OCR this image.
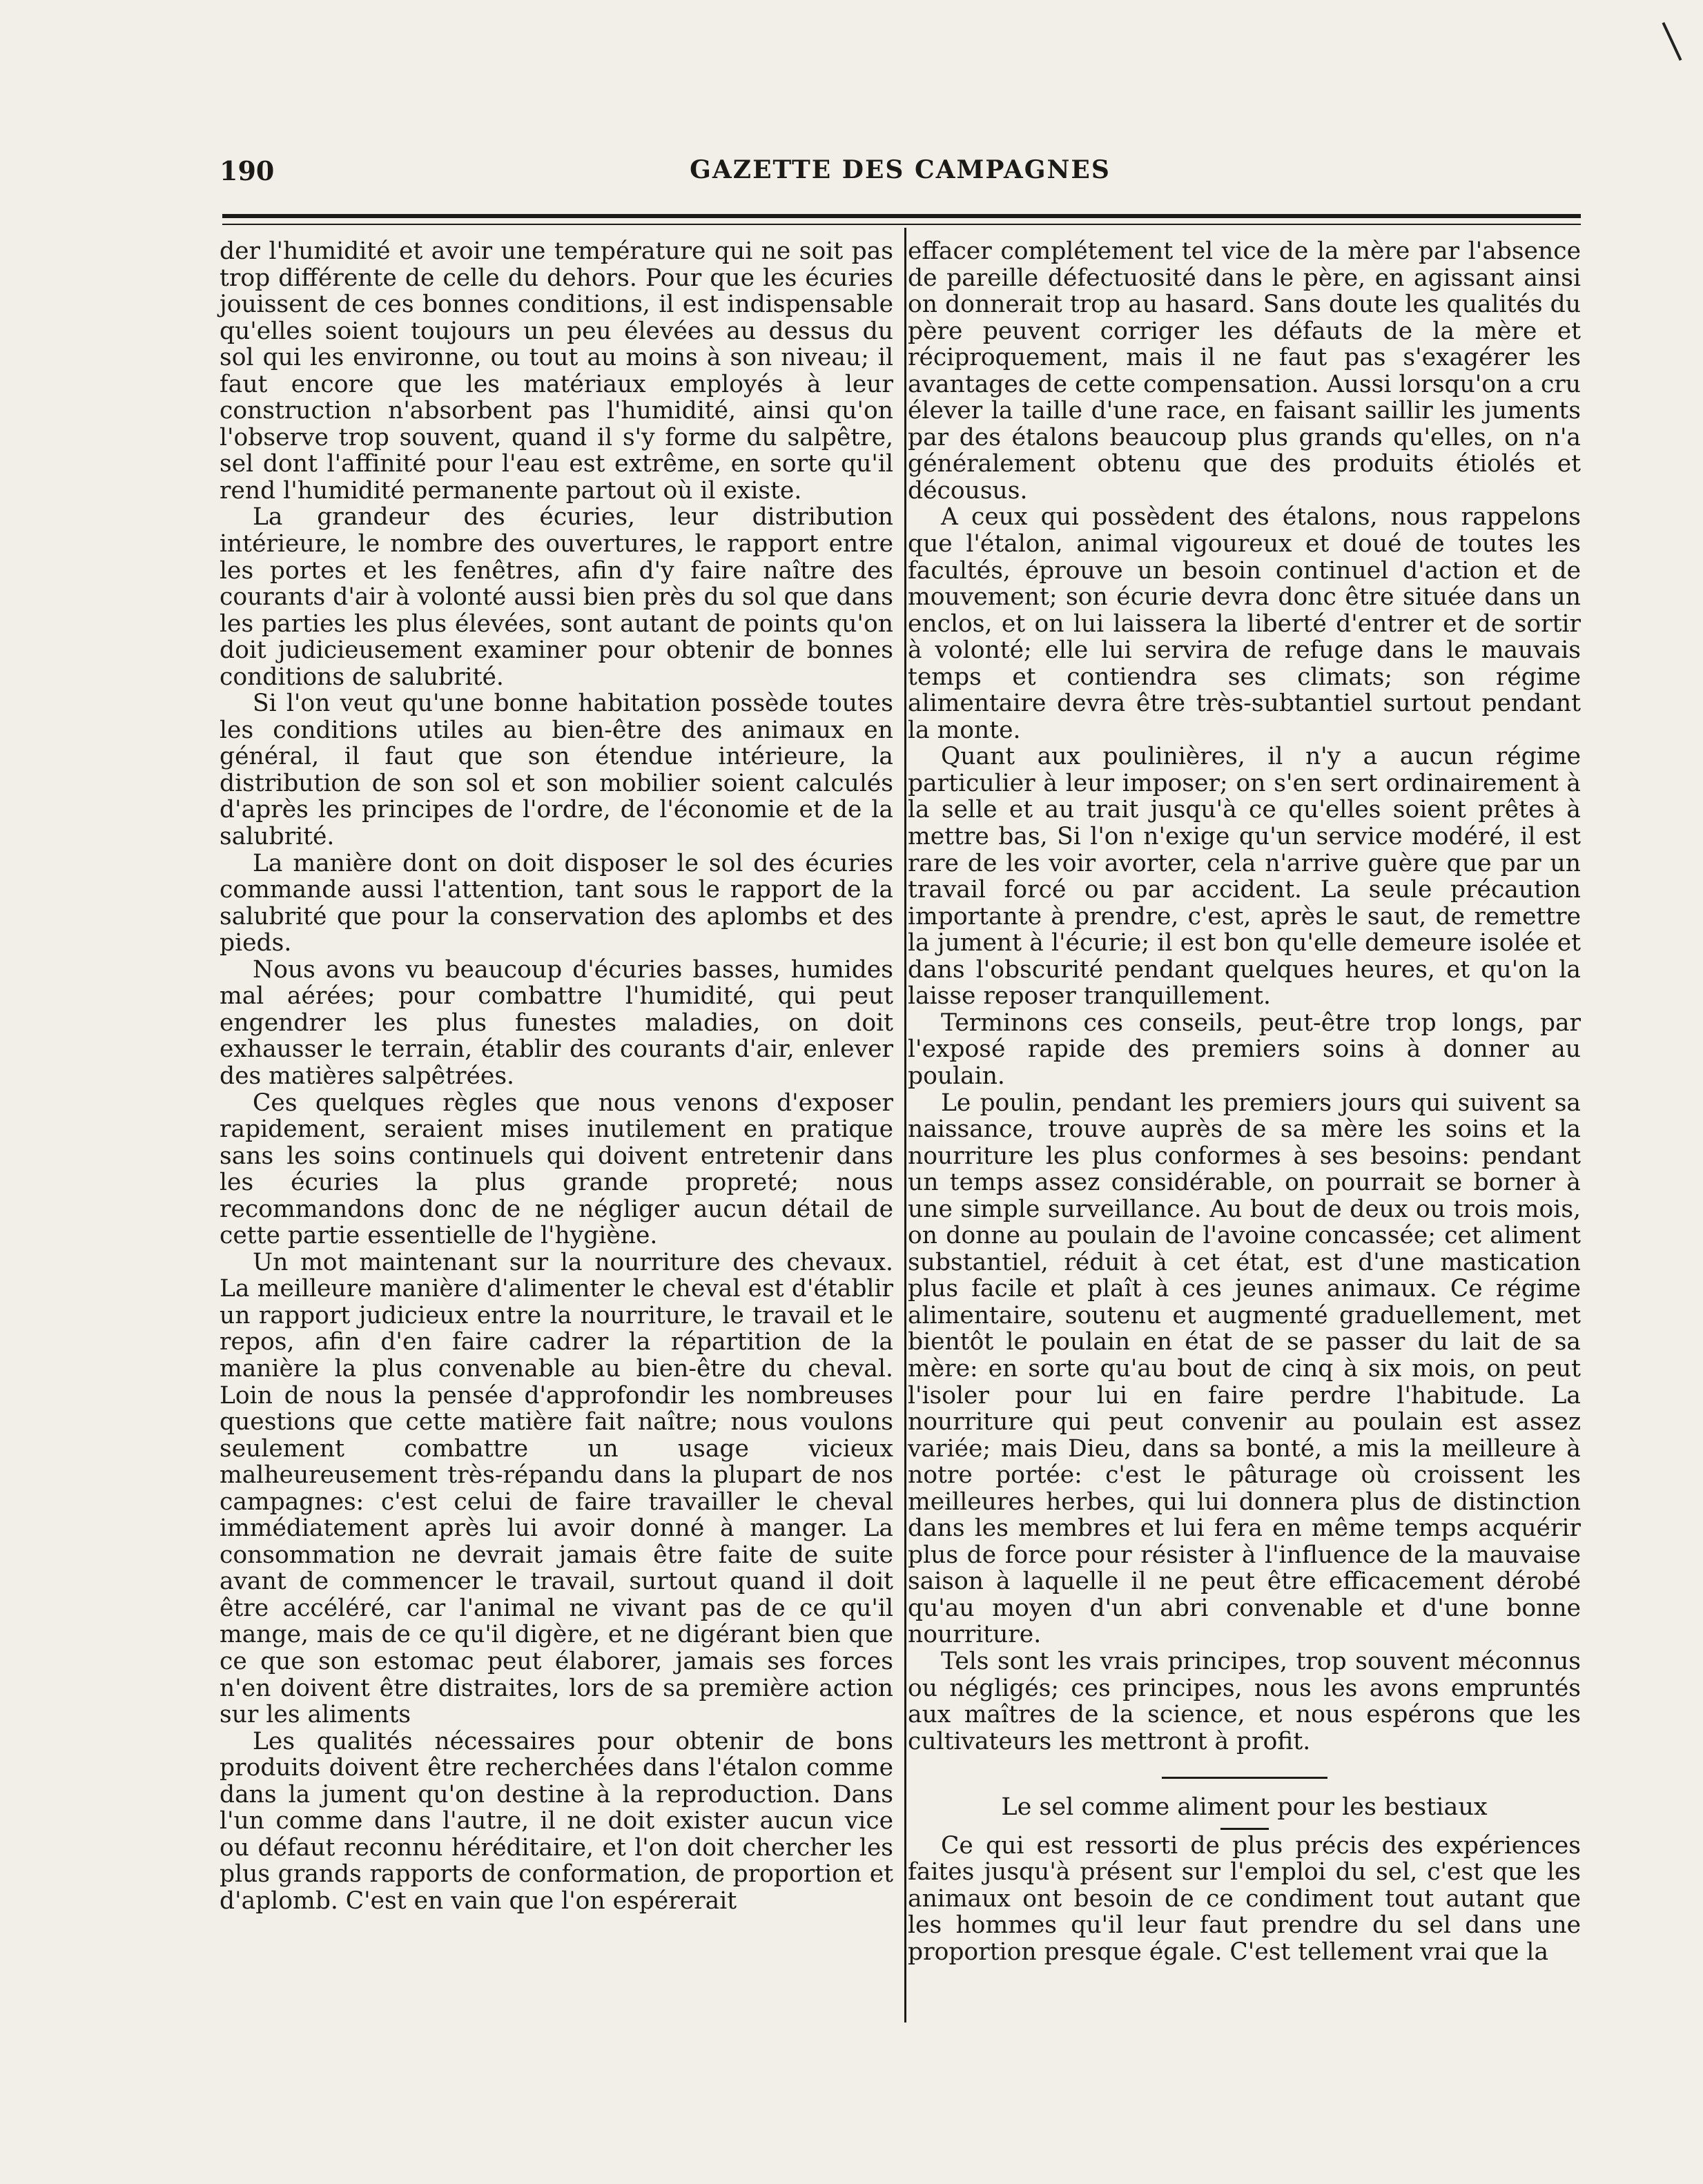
190	GAZETTE DES CAMPAGNES

der l'humidité et avoir une température qui ne soit pas trop différente de celle du dehors. Pour que les écuries jouissent de ces bonnes conditions, il est indispensable qu'elles soient toujours un peu élevées au dessus du sol qui les environne, ou tout au moins à son niveau; il faut encore que les matériaux employés à leur construction n'absorbent pas l'humidité, ainsi qu'on l'observe trop souvent, quand il s'y forme du salpêtre, sel dont l'affinité pour l'eau est extrême, en sorte qu'il rend l'humidité permanente partout où il existe.

La grandeur des écuries, leur distribution intérieure, le nombre des ouvertures, le rapport entre les portes et les fenêtres, afin d'y faire naître des courants d'air à volonté aussi bien près du sol que dans les parties les plus élevées, sont autant de points qu'on doit judicieusement examiner pour obtenir de bonnes conditions de salubrité.

Si l'on veut qu'une bonne habitation possède toutes les conditions utiles au bien-être des animaux en général, il faut que son étendue intérieure, la distribution de son sol et son mobilier soient calculés d'après les principes de l'ordre, de l'économie et de la salubrité.

La manière dont on doit disposer le sol des écuries commande aussi l'attention, tant sous le rapport de la salubrité que pour la conservation des aplombs et des pieds.

Nous avons vu beaucoup d'écuries basses, humides mal aérées; pour combattre l'humidité, qui peut engendrer les plus funestes maladies, on doit exhausser le terrain, établir des courants d'air, enlever des matières salpêtrées.

Ces quelques règles que nous venons d'exposer rapidement, seraient mises inutilement en pratique sans les soins continuels qui doivent entretenir dans les écuries la plus grande propreté; nous recommandons donc de ne négliger aucun détail de cette partie essentielle de l'hygiène.

Un mot maintenant sur la nourriture des chevaux. La meilleure manière d'alimenter le cheval est d'établir un rapport judicieux entre la nourriture, le travail et le repos, afin d'en faire cadrer la répartition de la manière la plus convenable au bien-être du cheval. Loin de nous la pensée d'approfondir les nombreuses questions que cette matière fait naître; nous voulons seulement combattre un usage vicieux malheureusement très-répandu dans la plupart de nos campagnes: c'est celui de faire travailler le cheval immédiatement après lui avoir donné à manger. La consommation ne devrait jamais être faite de suite avant de commencer le travail, surtout quand il doit être accéléré, car l'animal ne vivant pas de ce qu'il mange, mais de ce qu'il digère, et ne digérant bien que ce que son estomac peut élaborer, jamais ses forces n'en doivent être distraites, lors de sa première action sur les aliments

Les qualités nécessaires pour obtenir de bons produits doivent être recherchées dans l'étalon comme dans la jument qu'on destine à la reproduction. Dans l'un comme dans l'autre, il ne doit exister aucun vice ou défaut reconnu héréditaire, et l'on doit chercher les plus grands rapports de conformation, de proportion et d'aplomb. C'est en vain que l'on espérerait

effacer complétement tel vice de la mère par l'absence de pareille défectuosité dans le père, en agissant ainsi on donnerait trop au hasard. Sans doute les qualités du père peuvent corriger les défauts de la mère et réciproquement, mais il ne faut pas s'exagérer les avantages de cette compensation. Aussi lorsqu'on a cru élever la taille d'une race, en faisant saillir les juments par des étalons beaucoup plus grands qu'elles, on n'a généralement obtenu que des produits étiolés et décousus.

A ceux qui possèdent des étalons, nous rappelons que l'étalon, animal vigoureux et doué de toutes les facultés, éprouve un besoin continuel d'action et de mouvement; son écurie devra donc être située dans un enclos, et on lui laissera la liberté d'entrer et de sortir à volonté; elle lui servira de refuge dans le mauvais temps et contiendra ses climats; son régime alimentaire devra être très-subtantiel surtout pendant la monte.

Quant aux poulinières, il n'y a aucun régime particulier à leur imposer; on s'en sert ordinairement à la selle et au trait jusqu'à ce qu'elles soient prêtes à mettre bas, Si l'on n'exige qu'un service modéré, il est rare de les voir avorter, cela n'arrive guère que par un travail forcé ou par accident. La seule précaution importante à prendre, c'est, après le saut, de remettre la jument à l'écurie; il est bon qu'elle demeure isolée et dans l'obscurité pendant quelques heures, et qu'on la laisse reposer tranquillement.

Terminons ces conseils, peut-être trop longs, par l'exposé rapide des premiers soins à donner au poulain.

Le poulin, pendant les premiers jours qui suivent sa naissance, trouve auprès de sa mère les soins et la nourriture les plus conformes à ses besoins: pendant un temps assez considérable, on pourrait se borner à une simple surveillance. Au bout de deux ou trois mois, on donne au poulain de l'avoine concassée; cet aliment substantiel, réduit à cet état, est d'une mastication plus facile et plaît à ces jeunes animaux. Ce régime alimentaire, soutenu et augmenté graduellement, met bientôt le poulain en état de se passer du lait de sa mère: en sorte qu'au bout de cinq à six mois, on peut l'isoler pour lui en faire perdre l'habitude. La nourriture qui peut convenir au poulain est assez variée; mais Dieu, dans sa bonté, a mis la meilleure à notre portée: c'est le pâturage où croissent les meilleures herbes, qui lui donnera plus de distinction dans les membres et lui fera en même temps acquérir plus de force pour résister à l'influence de la mauvaise saison à laquelle il ne peut être efficacement dérobé qu'au moyen d'un abri convenable et d'une bonne nourriture.

Tels sont les vrais principes, trop souvent méconnus ou négligés; ces principes, nous les avons empruntés aux maîtres de la science, et nous espérons que les cultivateurs les mettront à profit.

Le sel comme aliment pour les bestiaux

Ce qui est ressorti de plus précis des expériences faites jusqu'à présent sur l'emploi du sel, c'est que les animaux ont besoin de ce condiment tout autant que les hommes qu'il leur faut prendre du sel dans une proportion presque égale. C'est tellement vrai que la
